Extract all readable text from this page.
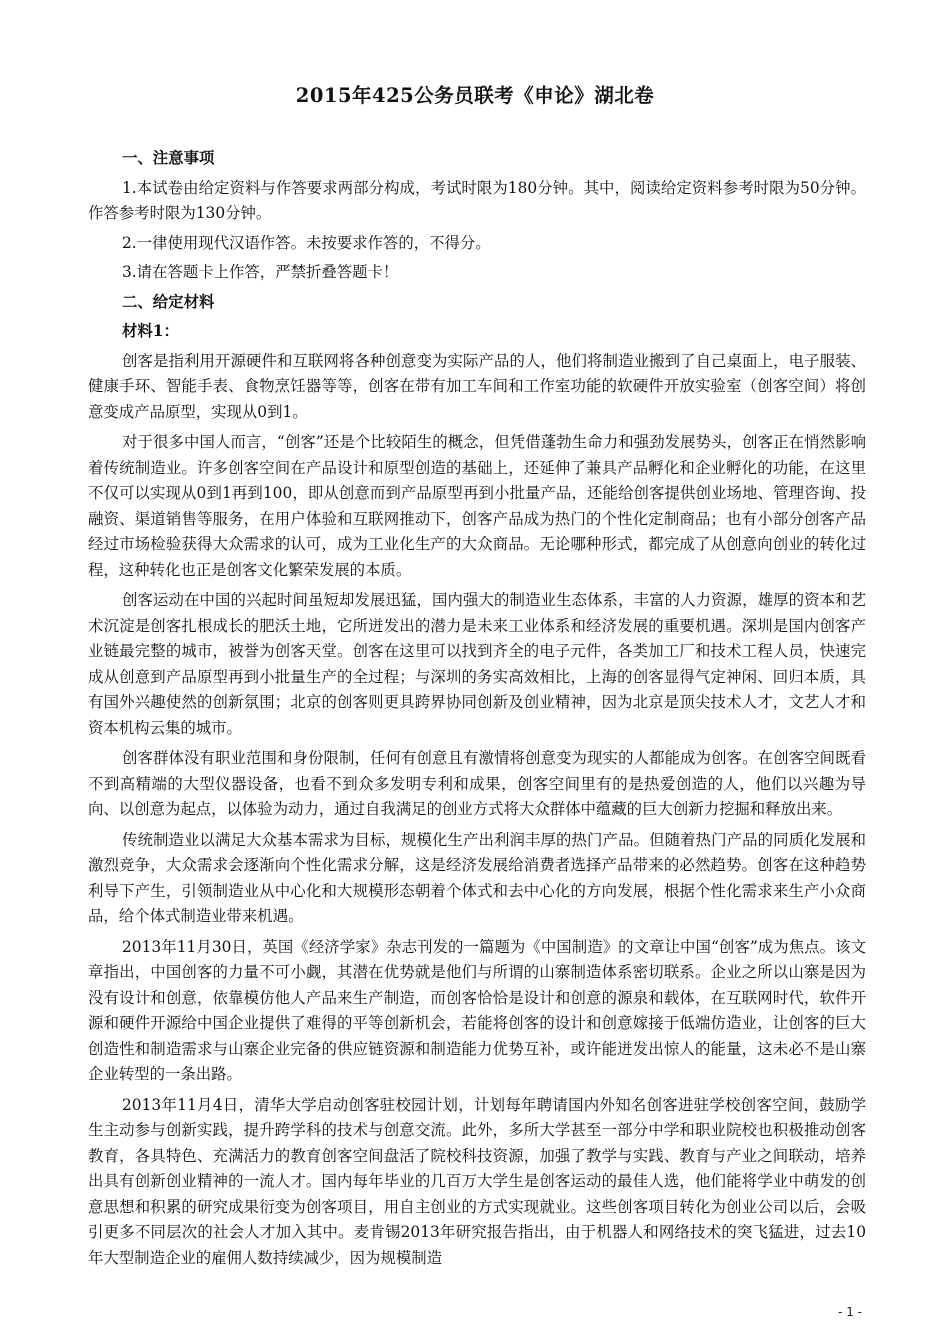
2015年425公务员联考《申论》湖北卷

一、注意事项

1.本试卷由给定资料与作答要求两部分构成，考试时限为180分钟。其中，阅读给定资料参考时限为50分钟。作答参考时限为130分钟。

2.一律使用现代汉语作答。未按要求作答的，不得分。

3.请在答题卡上作答，严禁折叠答题卡！

二、给定材料

材料1：

创客是指利用开源硬件和互联网将各种创意变为实际产品的人，他们将制造业搬到了自己桌面上，电子服装、健康手环、智能手表、食物烹饪器等等，创客在带有加工车间和工作室功能的软硬件开放实验室（创客空间）将创意变成产品原型，实现从0到1。

对于很多中国人而言，“创客”还是个比较陌生的概念，但凭借蓬勃生命力和强劲发展势头，创客正在悄然影响着传统制造业。许多创客空间在产品设计和原型创造的基础上，还延伸了兼具产品孵化和企业孵化的功能，在这里不仅可以实现从0到1再到100，即从创意而到产品原型再到小批量产品，还能给创客提供创业场地、管理咨询、投融资、渠道销售等服务，在用户体验和互联网推动下，创客产品成为热门的个性化定制商品；也有小部分创客产品经过市场检验获得大众需求的认可，成为工业化生产的大众商品。无论哪种形式，都完成了从创意向创业的转化过程，这种转化也正是创客文化繁荣发展的本质。

创客运动在中国的兴起时间虽短却发展迅猛，国内强大的制造业生态体系，丰富的人力资源，雄厚的资本和艺术沉淀是创客扎根成长的肥沃土地，它所迸发出的潜力是未来工业体系和经济发展的重要机遇。深圳是国内创客产业链最完整的城市，被誉为创客天堂。创客在这里可以找到齐全的电子元件，各类加工厂和技术工程人员，快速完成从创意到产品原型再到小批量生产的全过程；与深圳的务实高效相比，上海的创客显得气定神闲、回归本质，具有国外兴趣使然的创新氛围；北京的创客则更具跨界协同创新及创业精神，因为北京是顶尖技术人才，文艺人才和资本机构云集的城市。

创客群体没有职业范围和身份限制，任何有创意且有激情将创意变为现实的人都能成为创客。在创客空间既看不到高精端的大型仪器设备，也看不到众多发明专利和成果，创客空间里有的是热爱创造的人，他们以兴趣为导向、以创意为起点，以体验为动力，通过自我满足的创业方式将大众群体中蕴藏的巨大创新力挖掘和释放出来。

传统制造业以满足大众基本需求为目标，规模化生产出利润丰厚的热门产品。但随着热门产品的同质化发展和激烈竞争，大众需求会逐渐向个性化需求分解，这是经济发展给消费者选择产品带来的必然趋势。创客在这种趋势利导下产生，引领制造业从中心化和大规模形态朝着个体式和去中心化的方向发展，根据个性化需求来生产小众商品，给个体式制造业带来机遇。

2013年11月30日，英国《经济学家》杂志刊发的一篇题为《中国制造》的文章让中国“创客”成为焦点。该文章指出，中国创客的力量不可小觑，其潜在优势就是他们与所谓的山寨制造体系密切联系。企业之所以山寨是因为没有设计和创意，依靠模仿他人产品来生产制造，而创客恰恰是设计和创意的源泉和载体，在互联网时代，软件开源和硬件开源给中国企业提供了难得的平等创新机会，若能将创客的设计和创意嫁接于低端仿造业，让创客的巨大创造性和制造需求与山寨企业完备的供应链资源和制造能力优势互补，或许能迸发出惊人的能量，这未必不是山寨企业转型的一条出路。

2013年11月4日，清华大学启动创客驻校园计划，计划每年聘请国内外知名创客进驻学校创客空间，鼓励学生主动参与创新实践，提升跨学科的技术与创意交流。此外，多所大学甚至一部分中学和职业院校也积极推动创客教育，各具特色、充满活力的教育创客空间盘活了院校科技资源，加强了教学与实践、教育与产业之间联动，培养出具有创新创业精神的一流人才。国内每年毕业的几百万大学生是创客运动的最佳人选，他们能将学业中萌发的创意思想和积累的研究成果衍变为创客项目，用自主创业的方式实现就业。这些创客项目转化为创业公司以后，会吸引更多不同层次的社会人才加入其中。麦肯锡2013年研究报告指出，由于机器人和网络技术的突飞猛进，过去10年大型制造企业的雇佣人数持续减少，因为规模制造

- 1 -
